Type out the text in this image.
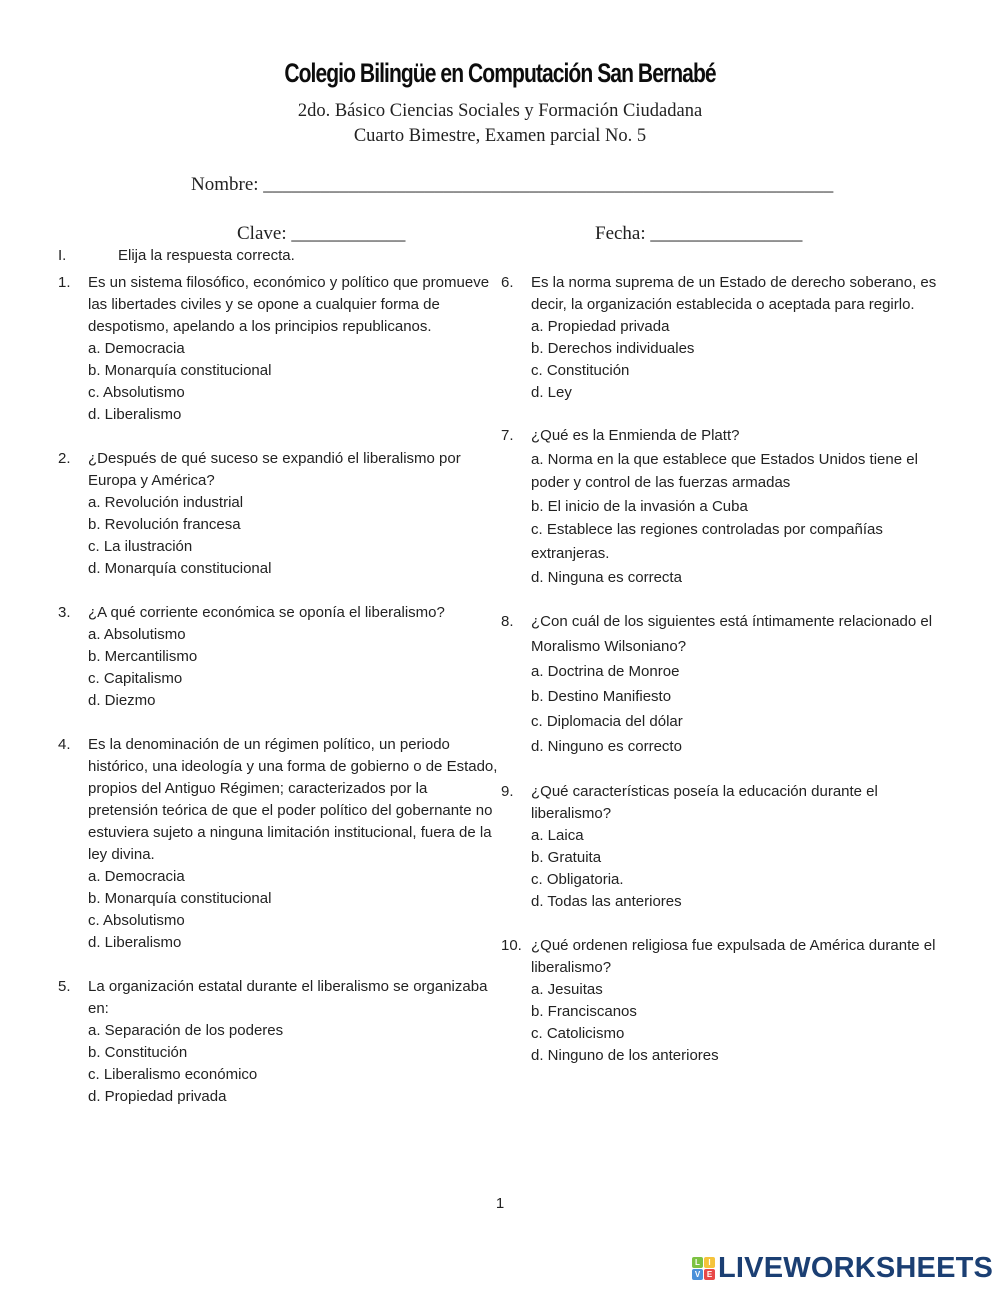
Colegio Bilingüe en Computación San Bernabé
2do. Básico Ciencias Sociales y Formación Ciudadana
Cuarto Bimestre, Examen parcial No. 5
Nombre: ____________________________________________________________
Clave: ____________	Fecha: ________________
I.	Elija la respuesta correcta.
1. Es un sistema filosófico, económico y político que promueve las libertades civiles y se opone a cualquier forma de despotismo, apelando a los principios republicanos.
a. Democracia
b. Monarquía constitucional
c. Absolutismo
d. Liberalismo
2. ¿Después de qué suceso se expandió el liberalismo por Europa y América?
a. Revolución industrial
b. Revolución francesa
c. La ilustración
d. Monarquía constitucional
3. ¿A qué corriente económica se oponía el liberalismo?
a. Absolutismo
b. Mercantilismo
c. Capitalismo
d. Diezmo
4. Es la denominación de un régimen político, un periodo histórico, una ideología y una forma de gobierno o de Estado, propios del Antiguo Régimen; caracterizados por la pretensión teórica de que el poder político del gobernante no estuviera sujeto a ninguna limitación institucional, fuera de la ley divina.
a. Democracia
b. Monarquía constitucional
c. Absolutismo
d. Liberalismo
5. La organización estatal durante el liberalismo se organizaba en:
a. Separación de los poderes
b. Constitución
c. Liberalismo económico
d. Propiedad privada
6. Es la norma suprema de un Estado de derecho soberano, es decir, la organización establecida o aceptada para regirlo.
a. Propiedad privada
b. Derechos individuales
c. Constitución
d. Ley
7. ¿Qué es la Enmienda de Platt?
a. Norma en la que establece que Estados Unidos tiene el poder y control de las fuerzas armadas
b. El inicio de la invasión a Cuba
c. Establece las regiones controladas por compañías extranjeras.
d. Ninguna es correcta
8. ¿Con cuál de los siguientes está íntimamente relacionado el Moralismo Wilsoniano?
a. Doctrina de Monroe
b. Destino Manifiesto
c. Diplomacia del dólar
d. Ninguno es correcto
9. ¿Qué características poseía la educación durante el liberalismo?
a. Laica
b. Gratuita
c. Obligatoria.
d. Todas las anteriores
10. ¿Qué ordenen religiosa fue expulsada de América durante el liberalismo?
a. Jesuitas
b. Franciscanos
c. Catolicismo
d. Ninguno de los anteriores
1
L	I
V E LIVEWORKSHEETS
